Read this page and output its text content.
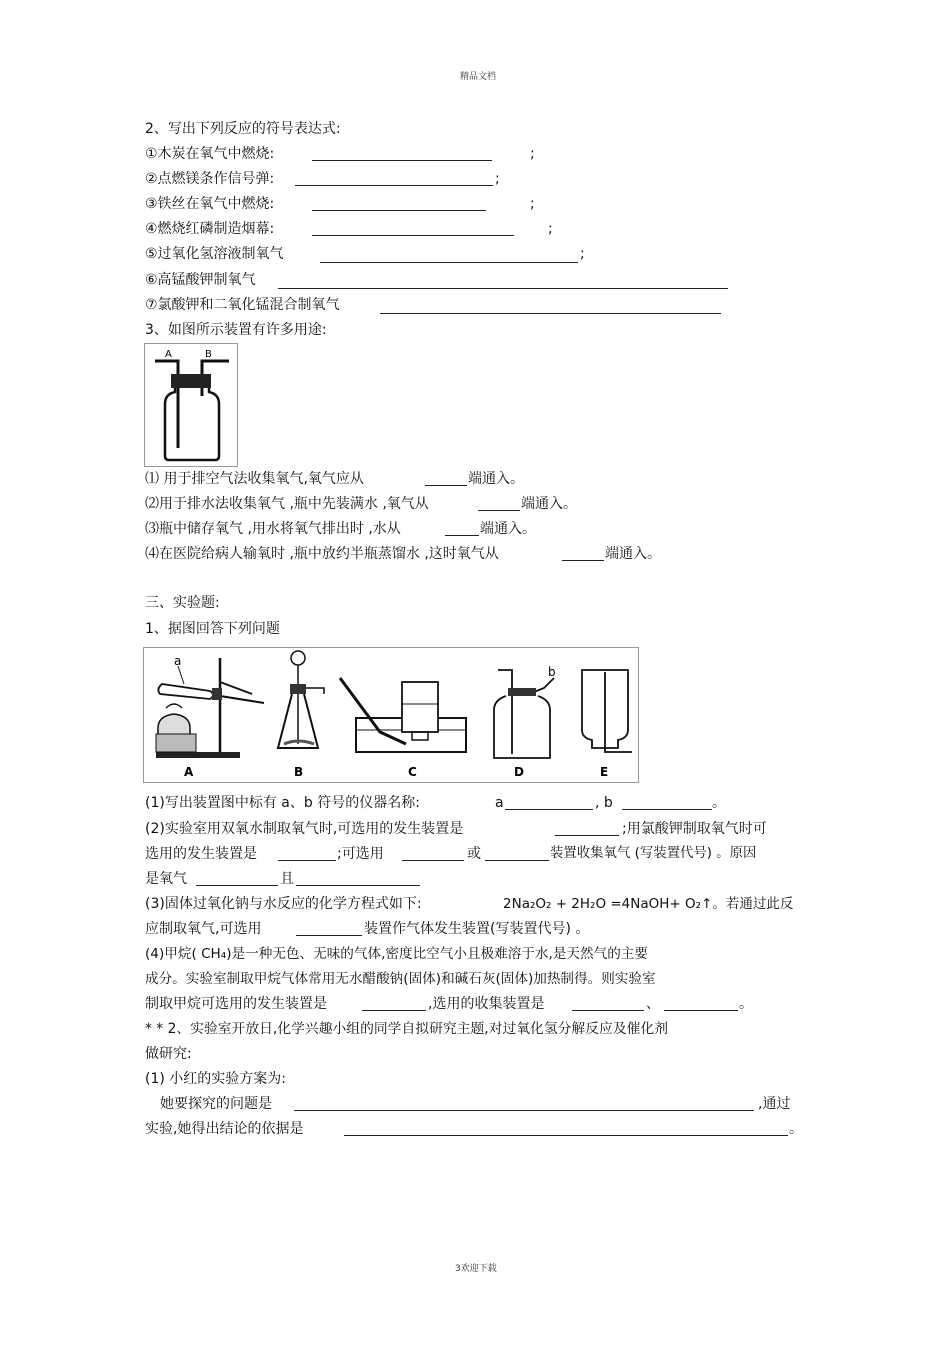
精品文档
2、写出下列反应的符号表达式:
①木炭在氧气中燃烧:	;
②点燃镁条作信号弹:	;
③铁丝在氧气中燃烧:	;
④燃烧红磷制造烟幕:	;
⑤过氧化氢溶液制氧气	;
⑥高锰酸钾制氧气
⑦氯酸钾和二氧化锰混合制氧气
3、如图所示装置有许多用途:
A	B
⑴ 用于排空气法收集氧气,氧气应从	端通入。
⑵用于排水法收集氧气 ,瓶中先装满水 ,氧气从	端通入。
⑶瓶中储存氧气 ,用水将氧气排出时 ,水从	端通入。
⑷在医院给病人输氧时 ,瓶中放约半瓶蒸馏水 ,这时氧气从	端通入。
三、实验题:
1、据图回答下列问题
a
A	B	C
b
D	E
(1)写出装置图中标有 a、b 符号的仪器名称:	a	, b	。
(2)实验室用双氧水制取氧气时,可选用的发生装置是	;用氯酸钾制取氧气时可
选用的发生装置是	;可选用	或	装置收集氧气 (写装置代号) 。原因
是氧气	且
(3)固体过氧化钠与水反应的化学方程式如下:	2Na₂O₂ + 2H₂O =4NaOH+ O₂↑。若通过此反
应制取氧气,可选用	装置作气体发生装置(写装置代号) 。
(4)甲烷( CH₄)是一种无色、无味的气体,密度比空气小且极难溶于水,是天然气的主要
成分。实验室制取甲烷气体常用无水醋酸钠(固体)和碱石灰(固体)加热制得。则实验室
制取甲烷可选用的发生装置是	,选用的收集装置是	、	。
* * 2、实验室开放日,化学兴趣小组的同学自拟研究主题,对过氧化氢分解反应及催化剂
做研究:
(1) 小红的实验方案为:
她要探究的问题是	,通过
实验,她得出结论的依据是	。
3欢迎下载
